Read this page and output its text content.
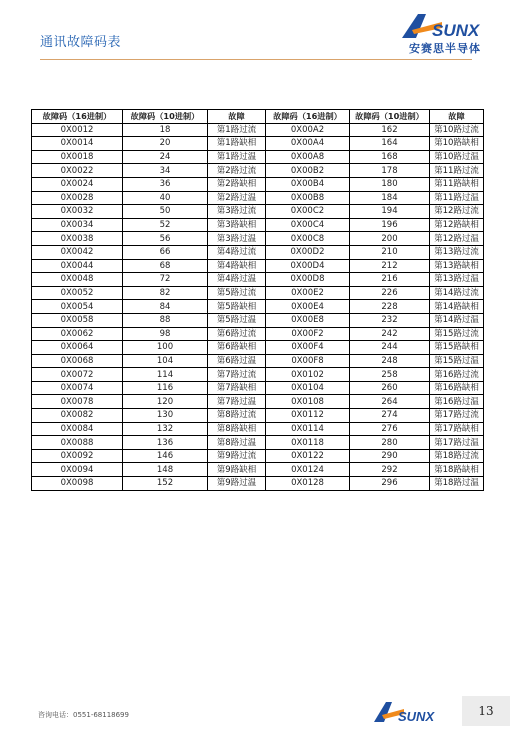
通讯故障码表
SUNX
安赛思半导体
故障码（16进制）	故障码（10进制）	故障	故障码（16进制）	故障码（10进制）	故障
0X0012	18	第1路过流	0X00A2	162	第10路过流
0X0014	20	第1路缺相	0X00A4	164	第10路缺相
0X0018	24	第1路过温	0X00A8	168	第10路过温
0X0022	34	第2路过流	0X00B2	178	第11路过流
0X0024	36	第2路缺相	0X00B4	180	第11路缺相
0X0028	40	第2路过温	0X00B8	184	第11路过温
0X0032	50	第3路过流	0X00C2	194	第12路过流
0X0034	52	第3路缺相	0X00C4	196	第12路缺相
0X0038	56	第3路过温	0X00C8	200	第12路过温
0X0042	66	第4路过流	0X00D2	210	第13路过流
0X0044	68	第4路缺相	0X00D4	212	第13路缺相
0X0048	72	第4路过温	0X00D8	216	第13路过温
0X0052	82	第5路过流	0X00E2	226	第14路过流
0X0054	84	第5路缺相	0X00E4	228	第14路缺相
0X0058	88	第5路过温	0X00E8	232	第14路过温
0X0062	98	第6路过流	0X00F2	242	第15路过流
0X0064	100	第6路缺相	0X00F4	244	第15路缺相
0X0068	104	第6路过温	0X00F8	248	第15路过温
0X0072	114	第7路过流	0X0102	258	第16路过流
0X0074	116	第7路缺相	0X0104	260	第16路缺相
0X0078	120	第7路过温	0X0108	264	第16路过温
0X0082	130	第8路过流	0X0112	274	第17路过流
0X0084	132	第8路缺相	0X0114	276	第17路缺相
0X0088	136	第8路过温	0X0118	280	第17路过温
0X0092	146	第9路过流	0X0122	290	第18路过流
0X0094	148	第9路缺相	0X0124	292	第18路缺相
0X0098	152	第9路过温	0X0128	296	第18路过温
咨询电话：0551-68118699	SUNX	13
